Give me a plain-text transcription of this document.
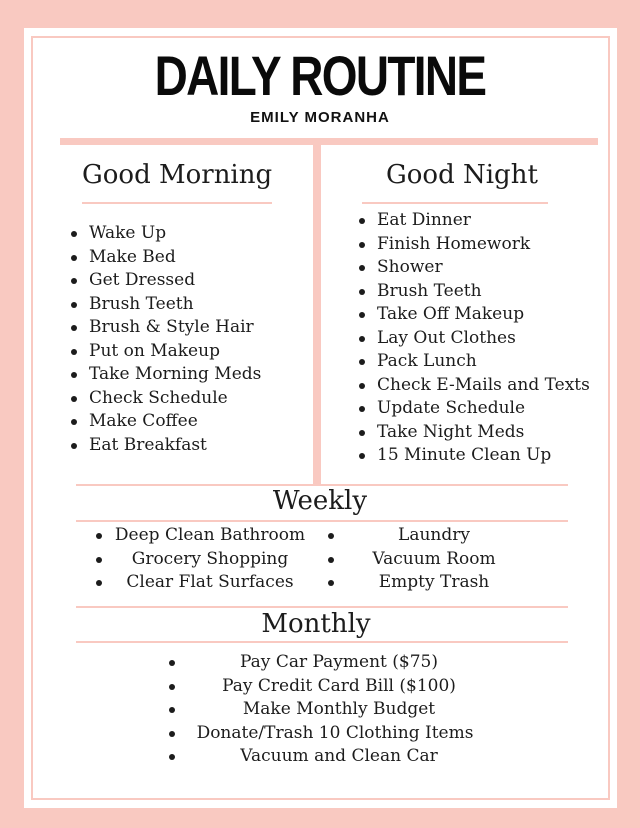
DAILY ROUTINE
EMILY MORANHA
Good Morning
Wake Up
Make Bed
Get Dressed
Brush Teeth
Brush & Style Hair
Put on Makeup
Take Morning Meds
Check Schedule
Make Coffee
Eat Breakfast
Good Night
Eat Dinner
Finish Homework
Shower
Brush Teeth
Take Off Makeup
Lay Out Clothes
Pack Lunch
Check E-Mails and Texts
Update Schedule
Take Night Meds
15 Minute Clean Up
Weekly
Deep Clean Bathroom
Grocery Shopping
Clear Flat Surfaces
Laundry
Vacuum Room
Empty Trash
Monthly
Pay Car Payment ($75)
Pay Credit Card Bill ($100)
Make Monthly Budget
Donate/Trash 10 Clothing Items
Vacuum and Clean Car
